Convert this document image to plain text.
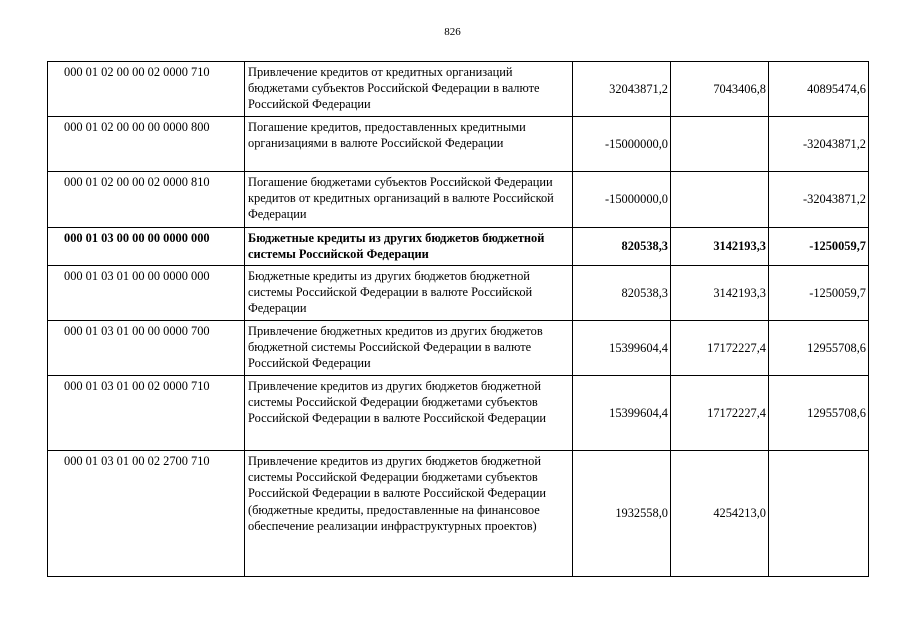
826
000 01 02 00 00 02 0000 710	Привлечение кредитов от кредитных организаций бюджетами субъектов Российской Федерации в валюте Российской Федерации	32043871,2	7043406,8	40895474,6
000 01 02 00 00 00 0000 800	Погашение кредитов, предоставленных кредитными организациями в валюте Российской Федерации	-15000000,0		-32043871,2
000 01 02 00 00 02 0000 810	Погашение бюджетами субъектов Российской Федерации кредитов от кредитных организаций в валюте Российской Федерации	-15000000,0		-32043871,2
000 01 03 00 00 00 0000 000	Бюджетные кредиты из других бюджетов бюджетной системы Российской Федерации	820538,3	3142193,3	-1250059,7
000 01 03 01 00 00 0000 000	Бюджетные кредиты из других бюджетов бюджетной системы Российской Федерации в валюте Российской Федерации	820538,3	3142193,3	-1250059,7
000 01 03 01 00 00 0000 700	Привлечение бюджетных кредитов из других бюджетов бюджетной системы Российской Федерации в валюте Российской Федерации	15399604,4	17172227,4	12955708,6
000 01 03 01 00 02 0000 710	Привлечение кредитов из других бюджетов бюджетной системы Российской Федерации бюджетами субъектов Российской Федерации в валюте Российской Федерации	15399604,4	17172227,4	12955708,6
000 01 03 01 00 02 2700 710	Привлечение кредитов из других бюджетов бюджетной системы Российской Федерации бюджетами субъектов Российской Федерации в валюте Российской Федерации (бюджетные кредиты, предоставленные на финансовое обеспечение реализации инфраструктурных проектов)	1932558,0	4254213,0	
